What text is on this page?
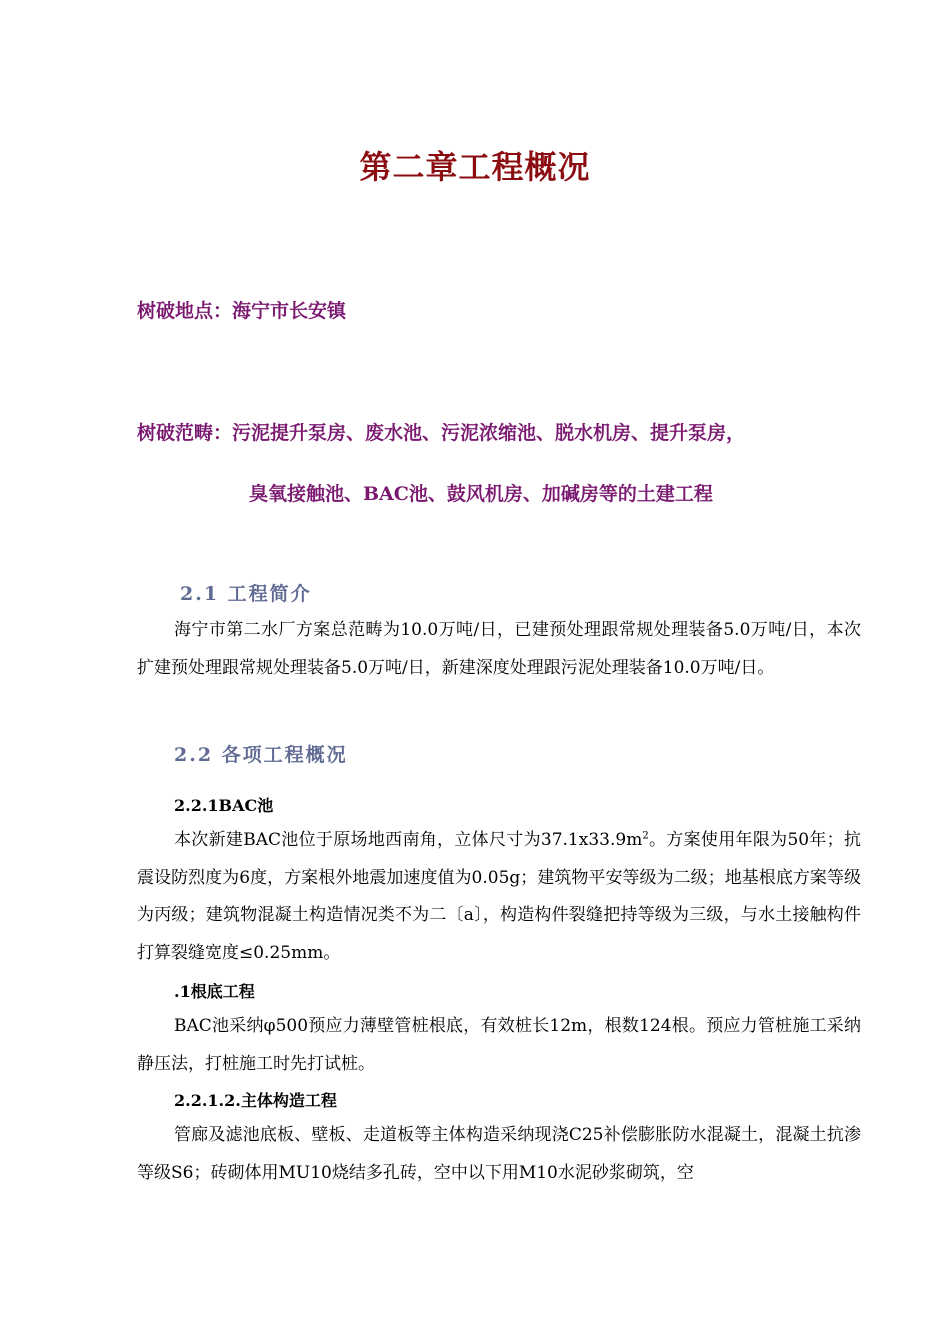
第二章工程概况
树破地点：海宁市长安镇
树破范畴：污泥提升泵房、废水池、污泥浓缩池、脱水机房、提升泵房，
臭氧接触池、BAC池、鼓风机房、加碱房等的土建工程
2.1 工程简介
海宁市第二水厂方案总范畴为10.0万吨/日，已建预处理跟常规处理装备5.0万吨/日，本次扩建预处理跟常规处理装备5.0万吨/日，新建深度处理跟污泥处理装备10.0万吨/日。
2.2 各项工程概况
2.2.1BAC池
本次新建BAC池位于原场地西南角，立体尺寸为$37.1x33.9m^2$。方案使用年限为50年；抗震设防烈度为6度，方案根外地震加速度值为0.05g；建筑物平安等级为二级；地基根底方案等级为丙级；建筑物混凝土构造情况类不为二〔a〕，构造构件裂缝把持等级为三级，与水土接触构件打算裂缝宽度≤0.25mm。
.1根底工程
BAC池采纳φ500预应力薄壁管桩根底，有效桩长12m，根数124根。预应力管桩施工采纳静压法，打桩施工时先打试桩。
2.2.1.2.主体构造工程
管廊及滤池底板、壁板、走道板等主体构造采纳现浇C25补偿膨胀防水混凝土，混凝土抗渗等级S6；砖砌体用MU10烧结多孔砖，空中以下用M10水泥砂浆砌筑，空
